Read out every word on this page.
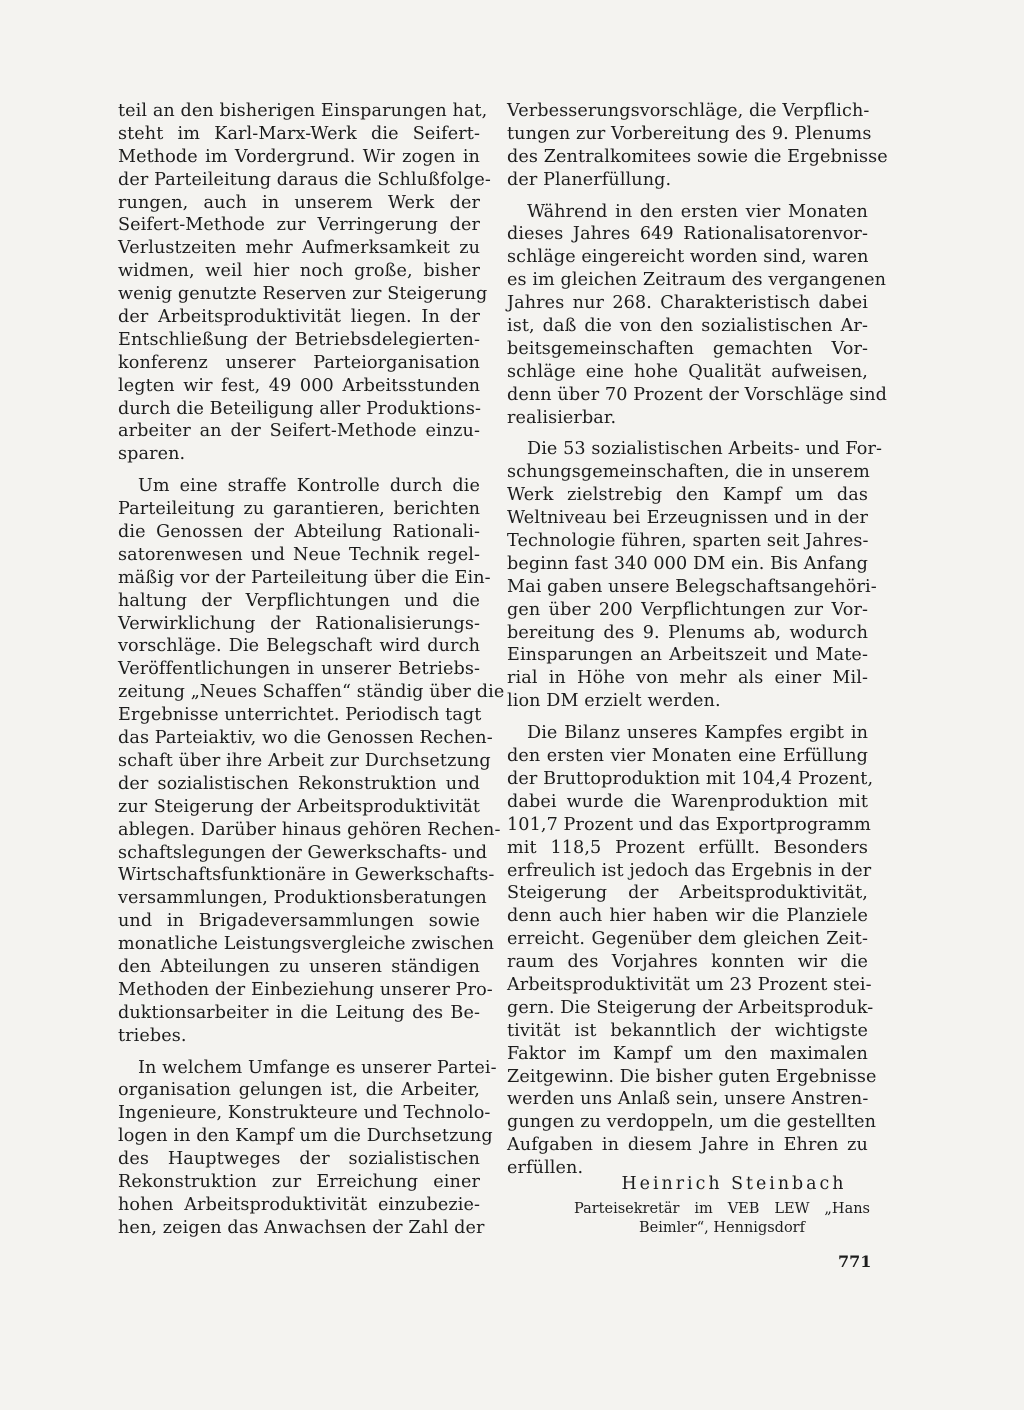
teil an den bisherigen Einsparungen hat,
steht im Karl-Marx-Werk die Seifert-
Methode im Vordergrund. Wir zogen in
der Parteileitung daraus die Schlußfolge-
rungen, auch in unserem Werk der
Seifert-Methode zur Verringerung der
Verlustzeiten mehr Aufmerksamkeit zu
widmen, weil hier noch große, bisher
wenig genutzte Reserven zur Steigerung
der Arbeitsproduktivität liegen. In der
Entschließung der Betriebsdelegierten-
konferenz unserer Parteiorganisation
legten wir fest, 49 000 Arbeitsstunden
durch die Beteiligung aller Produktions-
arbeiter an der Seifert-Methode einzu-
sparen.
Um eine straffe Kontrolle durch die
Parteileitung zu garantieren, berichten
die Genossen der Abteilung Rationali-
satorenwesen und Neue Technik regel-
mäßig vor der Parteileitung über die Ein-
haltung der Verpflichtungen und die
Verwirklichung der Rationalisierungs-
vorschläge. Die Belegschaft wird durch
Veröffentlichungen in unserer Betriebs-
zeitung „Neues Schaffen“ ständig über die
Ergebnisse unterrichtet. Periodisch tagt
das Parteiaktiv, wo die Genossen Rechen-
schaft über ihre Arbeit zur Durchsetzung
der sozialistischen Rekonstruktion und
zur Steigerung der Arbeitsproduktivität
ablegen. Darüber hinaus gehören Rechen-
schaftslegungen der Gewerkschafts- und
Wirtschaftsfunktionäre in Gewerkschafts-
versammlungen, Produktionsberatungen
und in Brigadeversammlungen sowie
monatliche Leistungsvergleiche zwischen
den Abteilungen zu unseren ständigen
Methoden der Einbeziehung unserer Pro-
duktionsarbeiter in die Leitung des Be-
triebes.
In welchem Umfange es unserer Partei-
organisation gelungen ist, die Arbeiter,
Ingenieure, Konstrukteure und Technolo-
logen in den Kampf um die Durchsetzung
des Hauptweges der sozialistischen
Rekonstruktion zur Erreichung einer
hohen Arbeitsproduktivität einzubezie-
hen, zeigen das Anwachsen der Zahl der
Verbesserungsvorschläge, die Verpflich-
tungen zur Vorbereitung des 9. Plenums
des Zentralkomitees sowie die Ergebnisse
der Planerfüllung.
Während in den ersten vier Monaten
dieses Jahres 649 Rationalisatorenvor-
schläge eingereicht worden sind, waren
es im gleichen Zeitraum des vergangenen
Jahres nur 268. Charakteristisch dabei
ist, daß die von den sozialistischen Ar-
beitsgemeinschaften gemachten Vor-
schläge eine hohe Qualität aufweisen,
denn über 70 Prozent der Vorschläge sind
realisierbar.
Die 53 sozialistischen Arbeits- und For-
schungsgemeinschaften, die in unserem
Werk zielstrebig den Kampf um das
Weltniveau bei Erzeugnissen und in der
Technologie führen, sparten seit Jahres-
beginn fast 340 000 DM ein. Bis Anfang
Mai gaben unsere Belegschaftsangehöri-
gen über 200 Verpflichtungen zur Vor-
bereitung des 9. Plenums ab, wodurch
Einsparungen an Arbeitszeit und Mate-
rial in Höhe von mehr als einer Mil-
lion DM erzielt werden.
Die Bilanz unseres Kampfes ergibt in
den ersten vier Monaten eine Erfüllung
der Bruttoproduktion mit 104,4 Prozent,
dabei wurde die Warenproduktion mit
101,7 Prozent und das Exportprogramm
mit 118,5 Prozent erfüllt. Besonders
erfreulich ist jedoch das Ergebnis in der
Steigerung der Arbeitsproduktivität,
denn auch hier haben wir die Planziele
erreicht. Gegenüber dem gleichen Zeit-
raum des Vorjahres konnten wir die
Arbeitsproduktivität um 23 Prozent stei-
gern. Die Steigerung der Arbeitsproduk-
tivität ist bekanntlich der wichtigste
Faktor im Kampf um den maximalen
Zeitgewinn. Die bisher guten Ergebnisse
werden uns Anlaß sein, unsere Anstren-
gungen zu verdoppeln, um die gestellten
Aufgaben in diesem Jahre in Ehren zu
erfüllen.
Heinrich Steinbach
Parteisekretär im VEB LEW „Hans
Beimler“, Hennigsdorf
771
